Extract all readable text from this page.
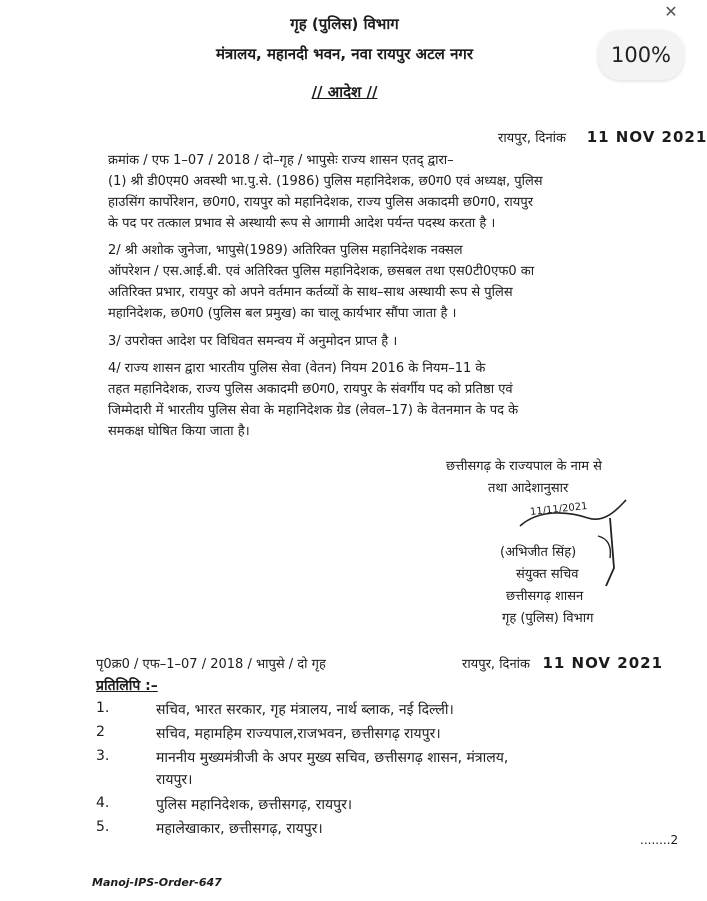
✕
100%
गृह (पुलिस) विभाग
मंत्रालय, महानदी भवन, नवा रायपुर अटल नगर
// आदेश //
रायपुर, दिनांक 11 NOV 2021
क्रमांक / एफ 1–07 / 2018 / दो–गृह / भापुसेः राज्य शासन एतद् द्वारा–
(1) श्री डी0एम0 अवस्थी भा.पु.से. (1986) पुलिस महानिदेशक, छ0ग0 एवं अध्यक्ष, पुलिस
हाउसिंग कार्पोरेशन, छ0ग0, रायपुर को महानिदेशक, राज्य पुलिस अकादमी छ0ग0, रायपुर
के पद पर तत्काल प्रभाव से अस्थायी रूप से आगामी आदेश पर्यन्त पदस्थ करता है ।
2/ श्री अशोक जुनेजा, भापुसे(1989) अतिरिक्त पुलिस महानिदेशक नक्सल
ऑपरेशन / एस.आई.बी. एवं अतिरिक्त पुलिस महानिदेशक, छसबल तथा एस0टी0एफ0 का
अतिरिक्त प्रभार, रायपुर को अपने वर्तमान कर्तव्यों के साथ–साथ अस्थायी रूप से पुलिस
महानिदेशक, छ0ग0 (पुलिस बल प्रमुख) का चालू कार्यभार सौंपा जाता है ।
3/ उपरोक्त आदेश पर विधिवत समन्वय में अनुमोदन प्राप्त है ।
4/ राज्य शासन द्वारा भारतीय पुलिस सेवा (वेतन) नियम 2016 के नियम–11 के
तहत महानिदेशक, राज्य पुलिस अकादमी छ0ग0, रायपुर के संवर्गीय पद को प्रतिष्ठा एवं
जिम्मेदारी में भारतीय पुलिस सेवा के महानिदेशक ग्रेड (लेवल–17) के वेतनमान के पद के
समकक्ष घोषित किया जाता है।
छत्तीसगढ़ के राज्यपाल के नाम से
तथा आदेशानुसार
11/11/2021
(अभिजीत सिंह)
संयुक्त सचिव
छत्तीसगढ़ शासन
गृह (पुलिस) विभाग
पृ0क्र0 / एफ–1–07 / 2018 / भापुसे / दो गृह	रायपुर, दिनांक 11 NOV 2021
प्रतिलिपि :–
1.	सचिव, भारत सरकार, गृह मंत्रालय, नार्थ ब्लाक, नई दिल्ली।
2	सचिव, महामहिम राज्यपाल,राजभवन, छत्तीसगढ़ रायपुर।
3.	माननीय मुख्यमंत्रीजी के अपर मुख्य सचिव, छत्तीसगढ़ शासन, मंत्रालय,
रायपुर।
4.	पुलिस महानिदेशक, छत्तीसगढ़, रायपुर।
5.	महालेखाकार, छत्तीसगढ़, रायपुर।
........2
Manoj-IPS-Order-647
